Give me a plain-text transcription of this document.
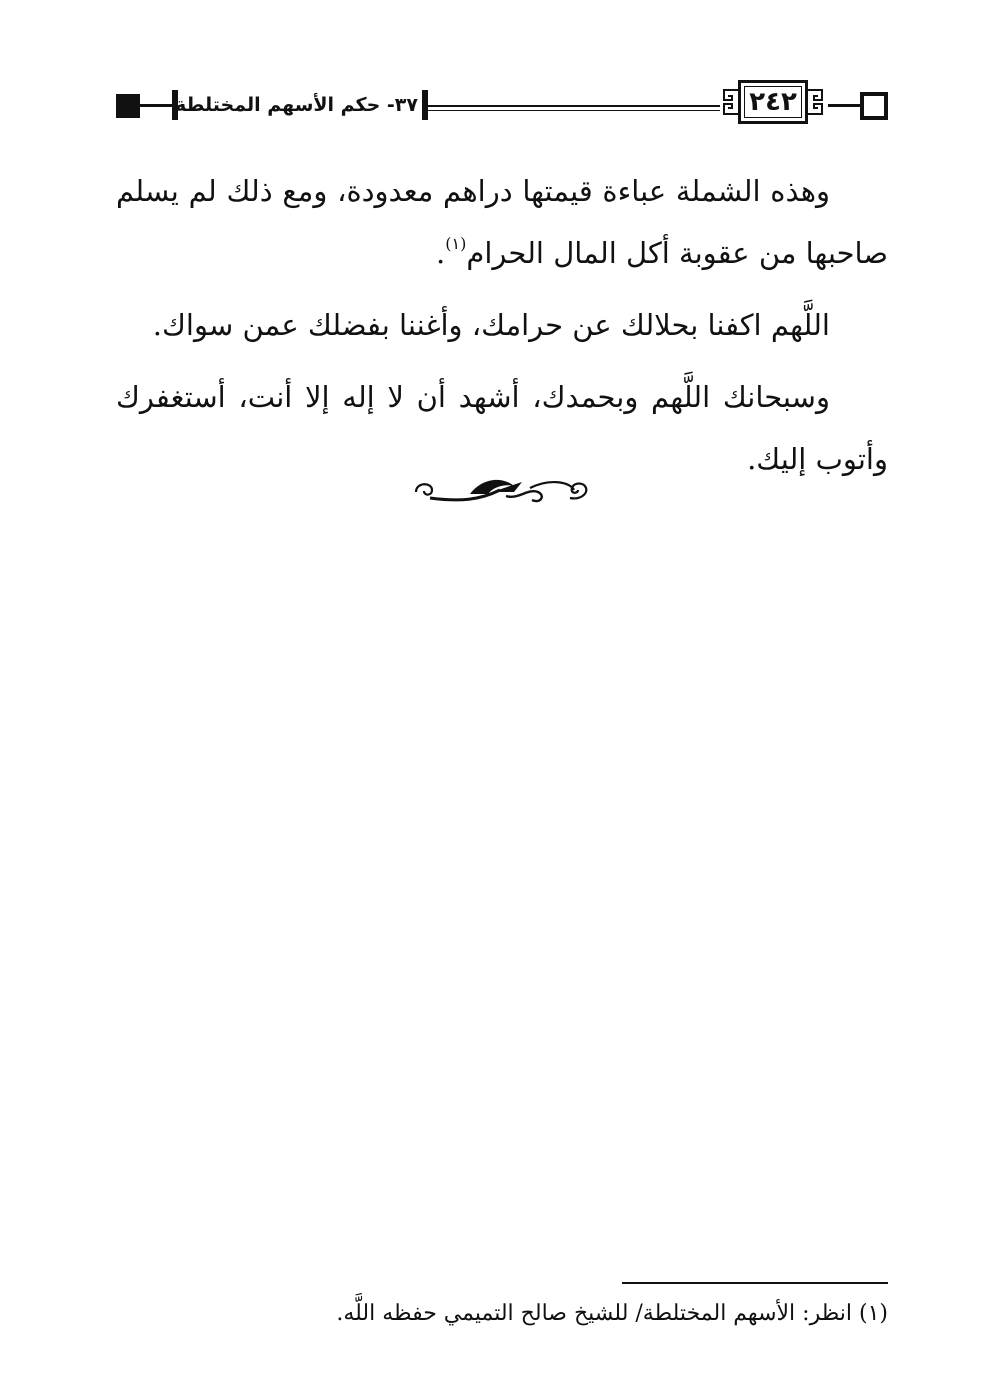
٣٧- حكم الأسهم المختلطة	٢٤٢

وهذه الشملة عباءة قيمتها دراهم معدودة، ومع ذلك لم يسلم صاحبها من عقوبة أكل المال الحرام$^{(١)}$.

اللَّهم اكفنا بحلالك عن حرامك، وأغننا بفضلك عمن سواك.

وسبحانك اللَّهم وبحمدك، أشهد أن لا إله إلا أنت، أستغفرك وأتوب إليك.

(١) انظر: الأسهم المختلطة/ للشيخ صالح التميمي حفظه اللَّه.
